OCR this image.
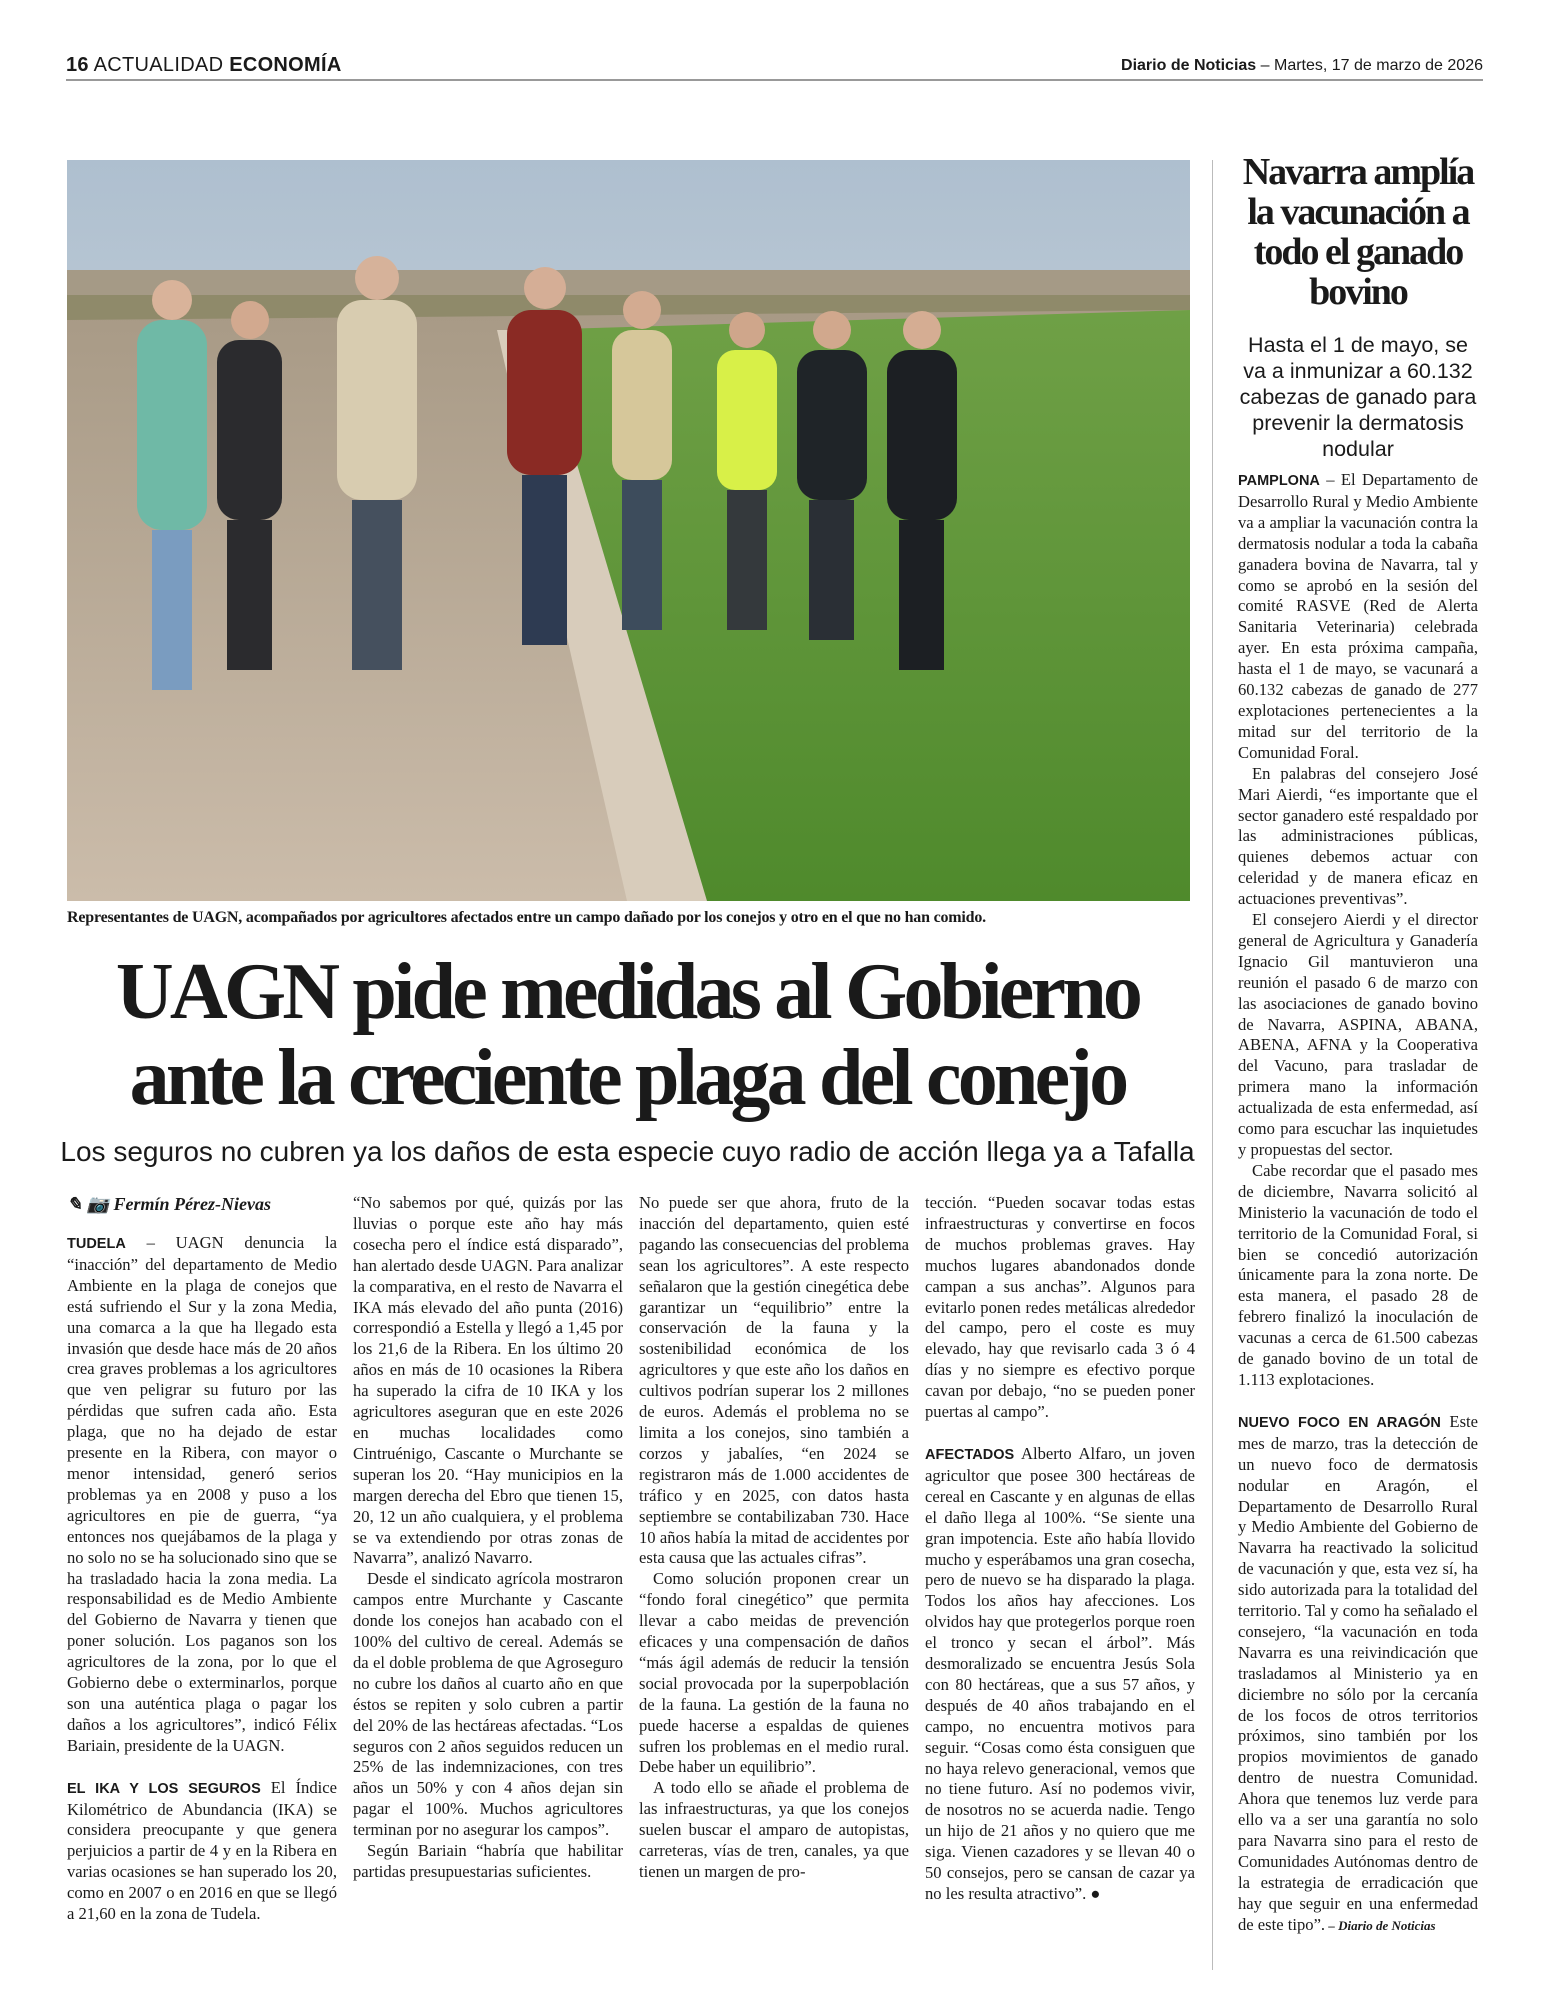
16 ACTUALIDAD ECONOMÍA	Diario de Noticias – Martes, 17 de marzo de 2026
Representantes de UAGN, acompañados por agricultores afectados entre un campo dañado por los conejos y otro en el que no han comido.
UAGN pide medidas al Gobierno ante la creciente plaga del conejo
Los seguros no cubren ya los daños de esta especie cuyo radio de acción llega ya a Tafalla
✎ 📷 Fermín Pérez-Nievas

TUDELA – UAGN denuncia la “inacción” del departamento de Medio Ambiente en la plaga de conejos que está sufriendo el Sur y la zona Media, una comarca a la que ha llegado esta invasión que desde hace más de 20 años crea graves problemas a los agricultores que ven peligrar su futuro por las pérdidas que sufren cada año. Esta plaga, que no ha dejado de estar presente en la Ribera, con mayor o menor intensidad, generó serios problemas ya en 2008 y puso a los agricultores en pie de guerra, “ya entonces nos quejábamos de la plaga y no solo no se ha solucionado sino que se ha trasladado hacia la zona media. La responsabilidad es de Medio Ambiente del Gobierno de Navarra y tienen que poner solución. Los paganos son los agricultores de la zona, por lo que el Gobierno debe o exterminarlos, porque son una auténtica plaga o pagar los daños a los agricultores”, indicó Félix Bariain, presidente de la UAGN.

EL IKA Y LOS SEGUROS El Índice Kilométrico de Abundancia (IKA) se considera preocupante y que genera perjuicios a partir de 4 y en la Ribera en varias ocasiones se han superado los 20, como en 2007 o en 2016 en que se llegó a 21,60 en la zona de Tudela.

“No sabemos por qué, quizás por las lluvias o porque este año hay más cosecha pero el índice está disparado”, han alertado desde UAGN. Para analizar la comparativa, en el resto de Navarra el IKA más elevado del año punta (2016) correspondió a Estella y llegó a 1,45 por los 21,6 de la Ribera. En los último 20 años en más de 10 ocasiones la Ribera ha superado la cifra de 10 IKA y los agricultores aseguran que en este 2026 en muchas localidades como Cintruénigo, Cascante o Murchante se superan los 20. “Hay municipios en la margen derecha del Ebro que tienen 15, 20, 12 un año cualquiera, y el problema se va extendiendo por otras zonas de Navarra”, analizó Navarro.

Desde el sindicato agrícola mostraron campos entre Murchante y Cascante donde los conejos han acabado con el 100% del cultivo de cereal. Además se da el doble problema de que Agroseguro no cubre los daños al cuarto año en que éstos se repiten y solo cubren a partir del 20% de las hectáreas afectadas. “Los seguros con 2 años seguidos reducen un 25% de las indemnizaciones, con tres años un 50% y con 4 años dejan sin pagar el 100%. Muchos agricultores terminan por no asegurar los campos”.

Según Bariain “habría que habilitar partidas presupuestarias suficientes.

No puede ser que ahora, fruto de la inacción del departamento, quien esté pagando las consecuencias del problema sean los agricultores”. A este respecto señalaron que la gestión cinegética debe garantizar un “equilibrio” entre la conservación de la fauna y la sostenibilidad económica de los agricultores y que este año los daños en cultivos podrían superar los 2 millones de euros. Además el problema no se limita a los conejos, sino también a corzos y jabalíes, “en 2024 se registraron más de 1.000 accidentes de tráfico y en 2025, con datos hasta septiembre se contabilizaban 730. Hace 10 años había la mitad de accidentes por esta causa que las actuales cifras”.

Como solución proponen crear un “fondo foral cinegético” que permita llevar a cabo meidas de prevención eficaces y una compensación de daños “más ágil además de reducir la tensión social provocada por la superpoblación de la fauna. La gestión de la fauna no puede hacerse a espaldas de quienes sufren los problemas en el medio rural. Debe haber un equilibrio”.

A todo ello se añade el problema de las infraestructuras, ya que los conejos suelen buscar el amparo de autopistas, carreteras, vías de tren, canales, ya que tienen un margen de pro-

tección. “Pueden socavar todas estas infraestructuras y convertirse en focos de muchos problemas graves. Hay muchos lugares abandonados donde campan a sus anchas”. Algunos para evitarlo ponen redes metálicas alrededor del campo, pero el coste es muy elevado, hay que revisarlo cada 3 ó 4 días y no siempre es efectivo porque cavan por debajo, “no se pueden poner puertas al campo”.

AFECTADOS Alberto Alfaro, un joven agricultor que posee 300 hectáreas de cereal en Cascante y en algunas de ellas el daño llega al 100%. “Se siente una gran impotencia. Este año había llovido mucho y esperábamos una gran cosecha, pero de nuevo se ha disparado la plaga. Todos los años hay afecciones. Los olvidos hay que protegerlos porque roen el tronco y secan el árbol”. Más desmoralizado se encuentra Jesús Sola con 80 hectáreas, que a sus 57 años, y después de 40 años trabajando en el campo, no encuentra motivos para seguir. “Cosas como ésta consiguen que no haya relevo generacional, vemos que no tiene futuro. Así no podemos vivir, de nosotros no se acuerda nadie. Tengo un hijo de 21 años y no quiero que me siga. Vienen cazadores y se llevan 40 o 50 consejos, pero se cansan de cazar ya no les resulta atractivo”. ●

Navarra amplía la vacunación a todo el ganado bovino
Hasta el 1 de mayo, se va a inmunizar a 60.132 cabezas de ganado para prevenir la dermatosis nodular

PAMPLONA – El Departamento de Desarrollo Rural y Medio Ambiente va a ampliar la vacunación contra la dermatosis nodular a toda la cabaña ganadera bovina de Navarra, tal y como se aprobó en la sesión del comité RASVE (Red de Alerta Sanitaria Veterinaria) celebrada ayer. En esta próxima campaña, hasta el 1 de mayo, se vacunará a 60.132 cabezas de ganado de 277 explotaciones pertenecientes a la mitad sur del territorio de la Comunidad Foral.

En palabras del consejero José Mari Aierdi, “es importante que el sector ganadero esté respaldado por las administraciones públicas, quienes debemos actuar con celeridad y de manera eficaz en actuaciones preventivas”.

El consejero Aierdi y el director general de Agricultura y Ganadería Ignacio Gil mantuvieron una reunión el pasado 6 de marzo con las asociaciones de ganado bovino de Navarra, ASPINA, ABANA, ABENA, AFNA y la Cooperativa del Vacuno, para trasladar de primera mano la información actualizada de esta enfermedad, así como para escuchar las inquietudes y propuestas del sector.

Cabe recordar que el pasado mes de diciembre, Navarra solicitó al Ministerio la vacunación de todo el territorio de la Comunidad Foral, si bien se concedió autorización únicamente para la zona norte. De esta manera, el pasado 28 de febrero finalizó la inoculación de vacunas a cerca de 61.500 cabezas de ganado bovino de un total de 1.113 explotaciones.

NUEVO FOCO EN ARAGÓN Este mes de marzo, tras la detección de un nuevo foco de dermatosis nodular en Aragón, el Departamento de Desarrollo Rural y Medio Ambiente del Gobierno de Navarra ha reactivado la solicitud de vacunación y que, esta vez sí, ha sido autorizada para la totalidad del territorio. Tal y como ha señalado el consejero, “la vacunación en toda Navarra es una reivindicación que trasladamos al Ministerio ya en diciembre no sólo por la cercanía de los focos de otros territorios próximos, sino también por los propios movimientos de ganado dentro de nuestra Comunidad. Ahora que tenemos luz verde para ello va a ser una garantía no solo para Navarra sino para el resto de Comunidades Autónomas dentro de la estrategia de erradicación que hay que seguir en una enfermedad de este tipo”. – Diario de Noticias
